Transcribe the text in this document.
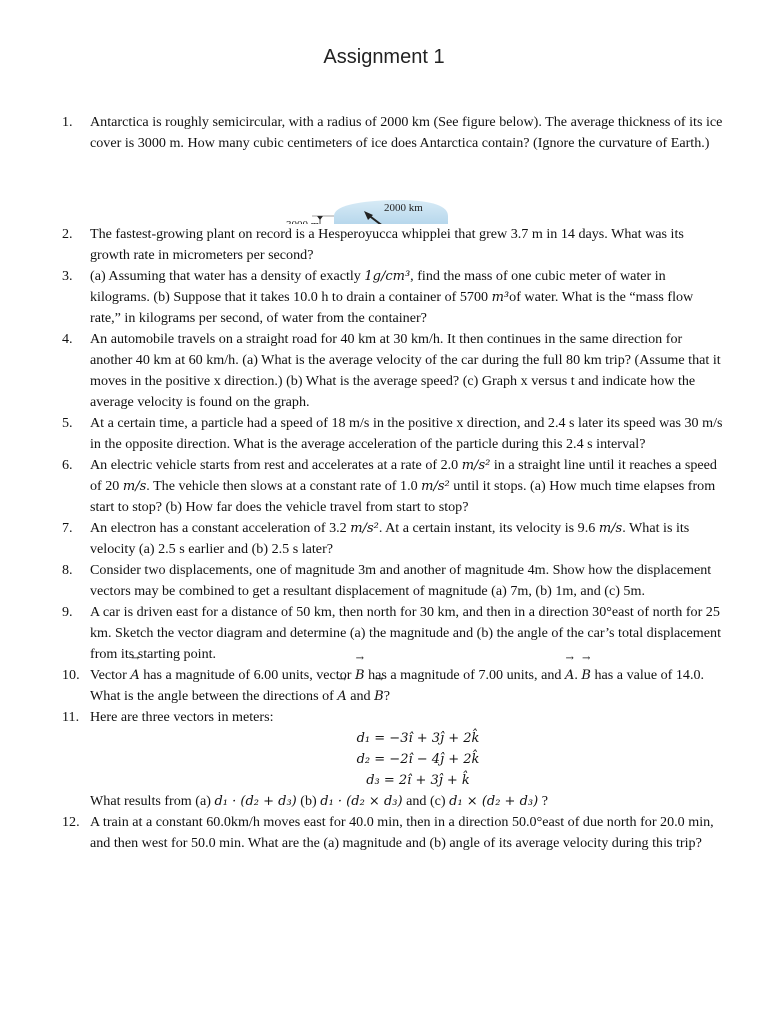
Assignment 1
1.	Antarctica is roughly semicircular, with a radius of 2000 km (See figure below). The average thickness of its ice cover is 3000 m. How many cubic centimeters of ice does Antarctica contain? (Ignore the curvature of Earth.)
2000 km
2.	The fastest-growing plant on record is a Hesperoyucca whipplei that grew 3.7 m in 14 days. What was its growth rate in micrometers per second?
3.	(a) Assuming that water has a density of exactly 1g/cm³, find the mass of one cubic meter of water in kilograms. (b) Suppose that it takes 10.0 h to drain a container of 5700 m³of water. What is the “mass flow rate,” in kilograms per second, of water from the container?
4.	An automobile travels on a straight road for 40 km at 30 km/h. It then continues in the same direction for another 40 km at 60 km/h. (a) What is the average velocity of the car during the full 80 km trip? (Assume that it moves in the positive x direction.) (b) What is the average speed? (c) Graph x versus t and indicate how the average velocity is found on the graph.
5.	At a certain time, a particle had a speed of 18 m/s in the positive x direction, and 2.4 s later its speed was 30 m/s in the opposite direction. What is the average acceleration of the particle during this 2.4 s interval?
6.	An electric vehicle starts from rest and accelerates at a rate of 2.0 m/s² in a straight line until it reaches a speed of 20 m/s. The vehicle then slows at a constant rate of 1.0 m/s² until it stops. (a) How much time elapses from start to stop? (b) How far does the vehicle travel from start to stop?
7.	An electron has a constant acceleration of 3.2 m/s². At a certain instant, its velocity is 9.6 m/s. What is its velocity (a) 2.5 s earlier and (b) 2.5 s later?
8.	Consider two displacements, one of magnitude 3m and another of magnitude 4m. Show how the displacement vectors may be combined to get a resultant displacement of magnitude (a) 7m, (b) 1m, and (c) 5m.
9.	A car is driven east for a distance of 50 km, then north for 30 km, and then in a direction 30°east of north for 25 km. Sketch the vector diagram and determine (a) the magnitude and (b) the angle of the car’s total displacement from its starting point.
10. Vector → A has a magnitude of 6.00 units, vector → B has a magnitude of 7.00 units, and → A. → B has a value of 14.0. What is the angle between the directions of → A and → B?
11. Here are three vectors in meters:
d₁ = −3î + 3ĵ + 2k̂
d₂ = −2î − 4ĵ + 2k̂
d₃ = 2î + 3ĵ + k̂
What results from (a) d₁ · (d₂ + d₃) (b) d₁ · (d₂ × d₃) and (c) d₁ × (d₂ + d₃) ?
12. A train at a constant 60.0km/h moves east for 40.0 min, then in a direction 50.0°east of due north for 20.0 min, and then west for 50.0 min. What are the (a) magnitude and (b) angle of its average velocity during this trip?
